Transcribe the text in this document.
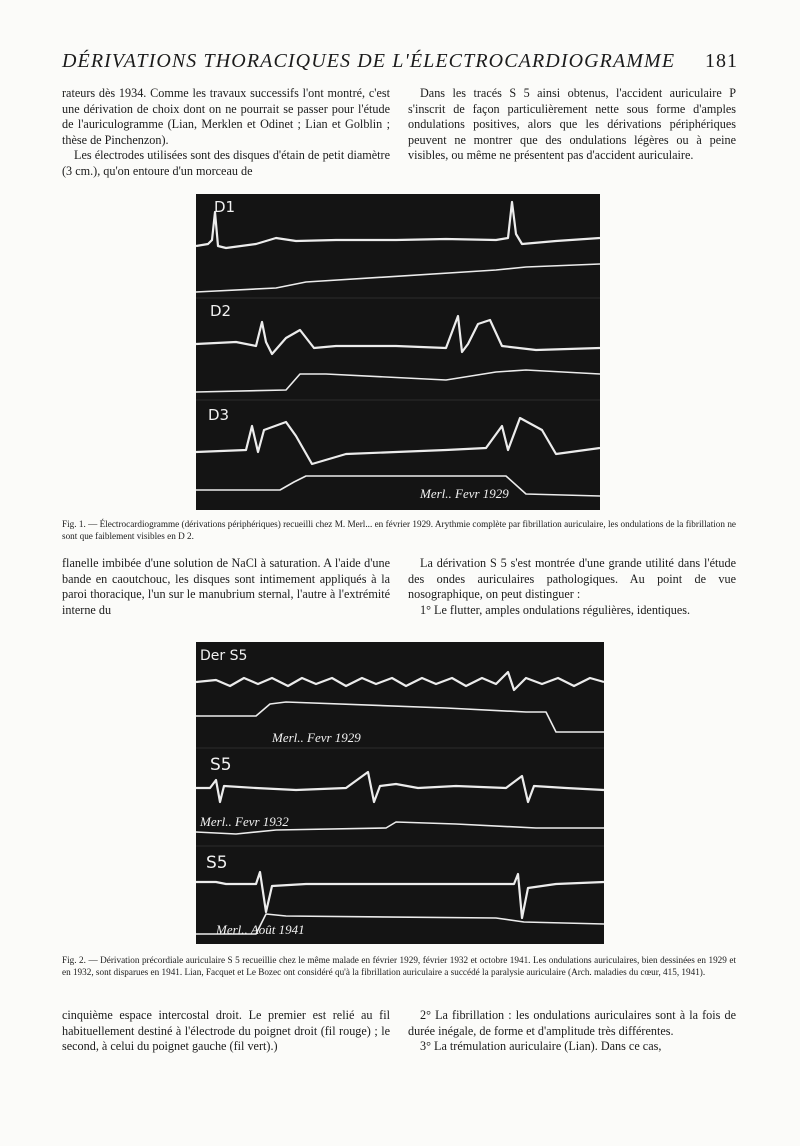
DÉRIVATIONS THORACIQUES DE L'ÉLECTROCARDIOGRAMME 181

rateurs dès 1934. Comme les travaux successifs l'ont montré, c'est une dérivation de choix dont on ne pourrait se passer pour l'étude de l'auriculogramme (Lian, Merklen et Odinet ; Lian et Golblin ; thèse de Pinchenzon).

Les électrodes utilisées sont des disques d'étain de petit diamètre (3 cm.), qu'on entoure d'un morceau de

Dans les tracés S 5 ainsi obtenus, l'accident auriculaire P s'inscrit de façon particulièrement nette sous forme d'amples ondulations positives, alors que les dérivations périphériques peuvent ne montrer que des ondulations légères ou à peine visibles, ou même ne présentent pas d'accident auriculaire.

D1
D2
D3
Merl.. Fevr 1929
Fig. 1. — Électrocardiogramme (dérivations périphériques) recueilli chez M. Merl... en février 1929. Arythmie complète par fibrillation auriculaire, les ondulations de la fibrillation ne sont que faiblement visibles en D 2.

flanelle imbibée d'une solution de NaCl à saturation. A l'aide d'une bande en caoutchouc, les disques sont intimement appliqués à la paroi thoracique, l'un sur le manubrium sternal, l'autre à l'extrémité interne du

La dérivation S 5 s'est montrée d'une grande utilité dans l'étude des ondes auriculaires pathologiques. Au point de vue nosographique, on peut distinguer :

1° Le flutter, amples ondulations régulières, identiques.

Der S5
S5
S5
Merl.. Fevr 1929
Merl.. Fevr 1932
Merl.. Août 1941
Fig. 2. — Dérivation précordiale auriculaire S 5 recueillie chez le même malade en février 1929, février 1932 et octobre 1941. Les ondulations auriculaires, bien dessinées en 1929 et en 1932, sont disparues en 1941. Lian, Facquet et Le Bozec ont considéré qu'à la fibrillation auriculaire a succédé la paralysie auriculaire (Arch. maladies du cœur, 415, 1941).

cinquième espace intercostal droit. Le premier est relié au fil habituellement destiné à l'électrode du poignet droit (fil rouge) ; le second, à celui du poignet gauche (fil vert).)

2° La fibrillation : les ondulations auriculaires sont à la fois de durée inégale, de forme et d'amplitude très différentes.

3° La trémulation auriculaire (Lian). Dans ce cas,
